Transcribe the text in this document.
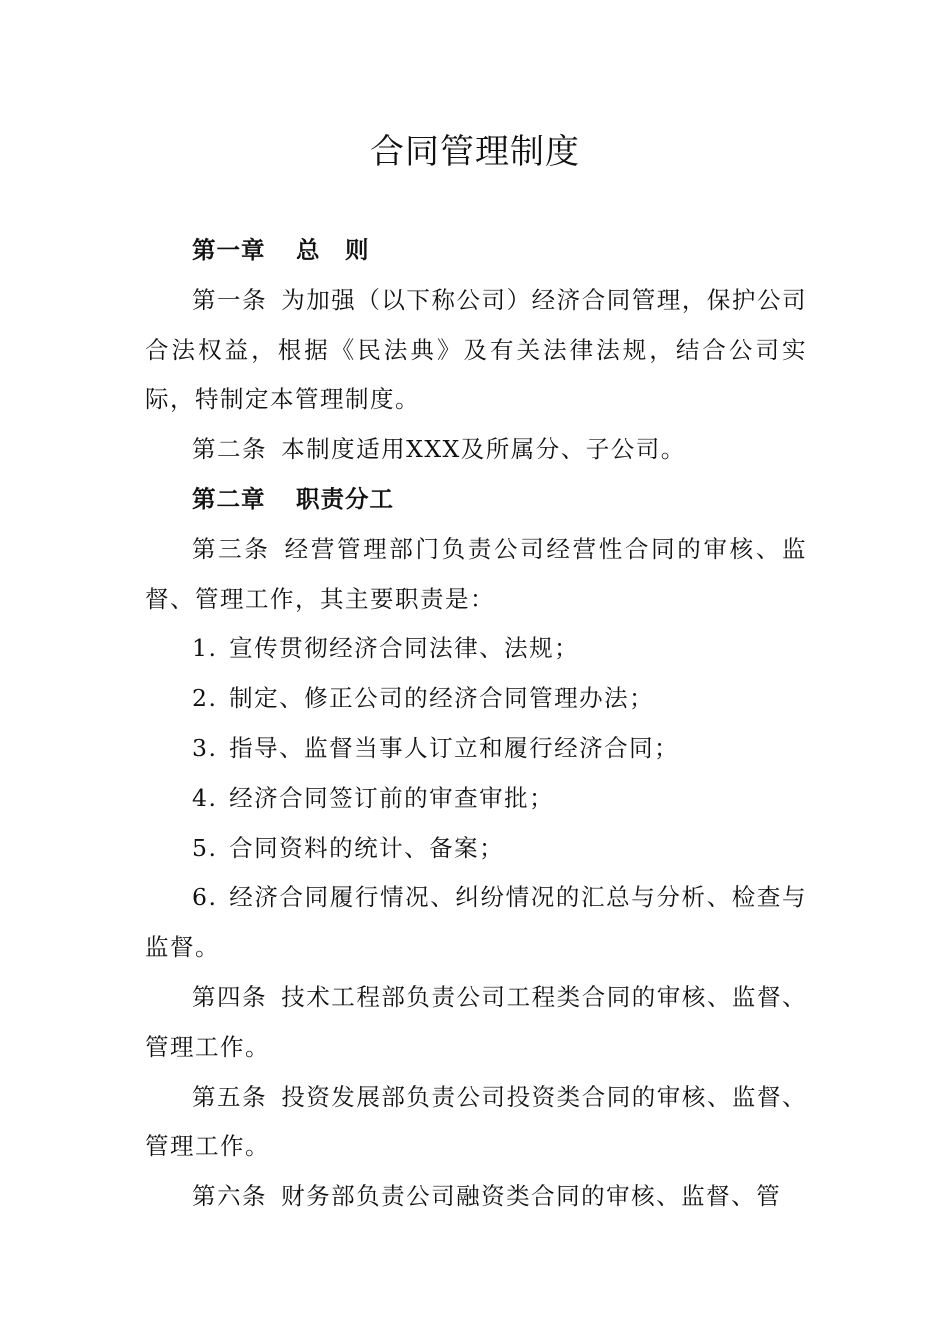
合同管理制度

第一章 总　则

第一条 为加强（以下称公司）经济合同管理，保护公司合法权益，根据《民法典》及有关法律法规，结合公司实际，特制定本管理制度。

第二条 本制度适用XXX及所属分、子公司。

第二章 职责分工

第三条 经营管理部门负责公司经营性合同的审核、监督、管理工作，其主要职责是：

1. 宣传贯彻经济合同法律、法规；

2. 制定、修正公司的经济合同管理办法；

3. 指导、监督当事人订立和履行经济合同；

4. 经济合同签订前的审查审批；

5. 合同资料的统计、备案；

6. 经济合同履行情况、纠纷情况的汇总与分析、检查与监督。

第四条 技术工程部负责公司工程类合同的审核、监督、管理工作。

第五条 投资发展部负责公司投资类合同的审核、监督、管理工作。

第六条 财务部负责公司融资类合同的审核、监督、管
